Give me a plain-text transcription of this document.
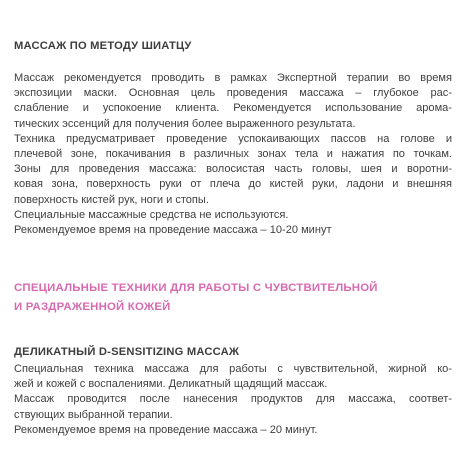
МАССАЖ ПО МЕТОДУ ШИАТЦУ
Массаж рекомендуется проводить в рамках Экспертной терапии во время
экспозиции маски. Основная цель проведения массажа – глубокое рас-
слабление и успокоение клиента. Рекомендуется использование арома-
тических эссенций для получения более выраженного результата.
Техника предусматривает проведение успокаивающих пассов на голове и
плечевой зоне, покачивания в различных зонах тела и нажатия по точкам.
Зоны для проведения массажа: волосистая часть головы, шея и воротни-
ковая зона, поверхность руки от плеча до кистей руки, ладони и внешняя
поверхность кистей рук, ноги и стопы.
Специальные массажные средства не используются.
Рекомендуемое время на проведение массажа – 10-20 минут
СПЕЦИАЛЬНЫЕ ТЕХНИКИ ДЛЯ РАБОТЫ С ЧУВСТВИТЕЛЬНОЙ
И РАЗДРАЖЕННОЙ КОЖЕЙ
ДЕЛИКАТНЫЙ D-SENSITIZING МАССАЖ
Специальная техника массажа для работы с чувствительной, жирной ко-
жей и кожей с воспалениями. Деликатный щадящий массаж.
Массаж проводится после нанесения продуктов для массажа, соответ-
ствующих выбранной терапии.
Рекомендуемое время на проведение массажа – 20 минут.
